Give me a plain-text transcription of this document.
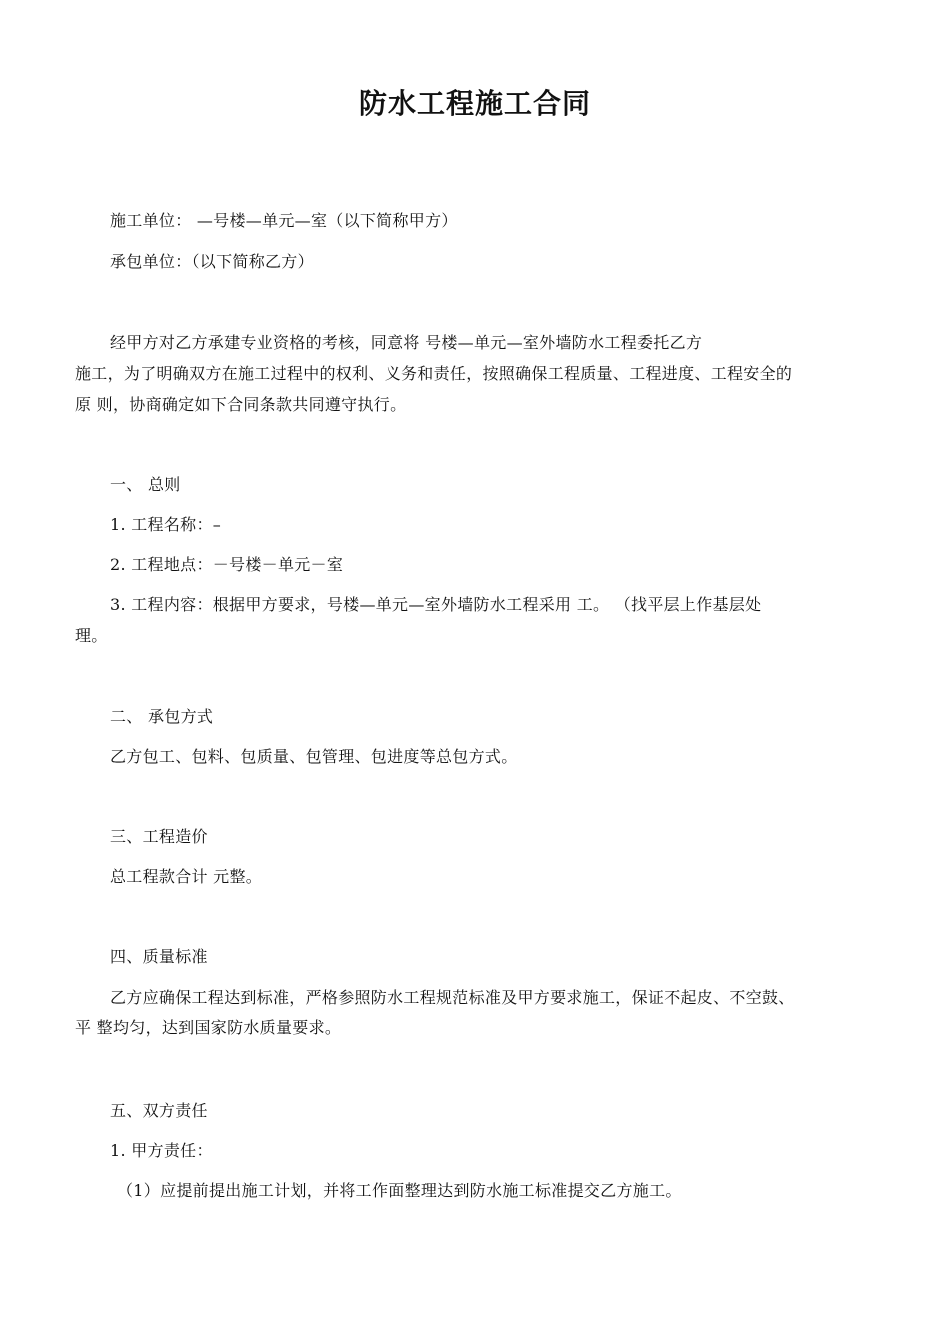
防水工程施工合同
施工单位： —号楼—单元—室（以下简称甲方）
承包单位：（以下简称乙方）
经甲方对乙方承建专业资格的考核，同意将 号楼—单元—室外墙防水工程委托乙方
施工，为了明确双方在施工过程中的权利、义务和责任，按照确保工程质量、工程进度、工程安全的
原 则，协商确定如下合同条款共同遵守执行。
一、 总则
1. 工程名称：–
2. 工程地点：－号楼－单元－室
3. 工程内容：根据甲方要求，号楼—单元—室外墙防水工程采用 工。 （找平层上作基层处
理。
二、 承包方式
乙方包工、包料、包质量、包管理、包进度等总包方式。
三、工程造价
总工程款合计 元整。
四、质量标准
乙方应确保工程达到标准，严格参照防水工程规范标准及甲方要求施工，保证不起皮、不空鼓、
平 整均匀，达到国家防水质量要求。
五、双方责任
1. 甲方责任：
（1）应提前提出施工计划，并将工作面整理达到防水施工标准提交乙方施工。
